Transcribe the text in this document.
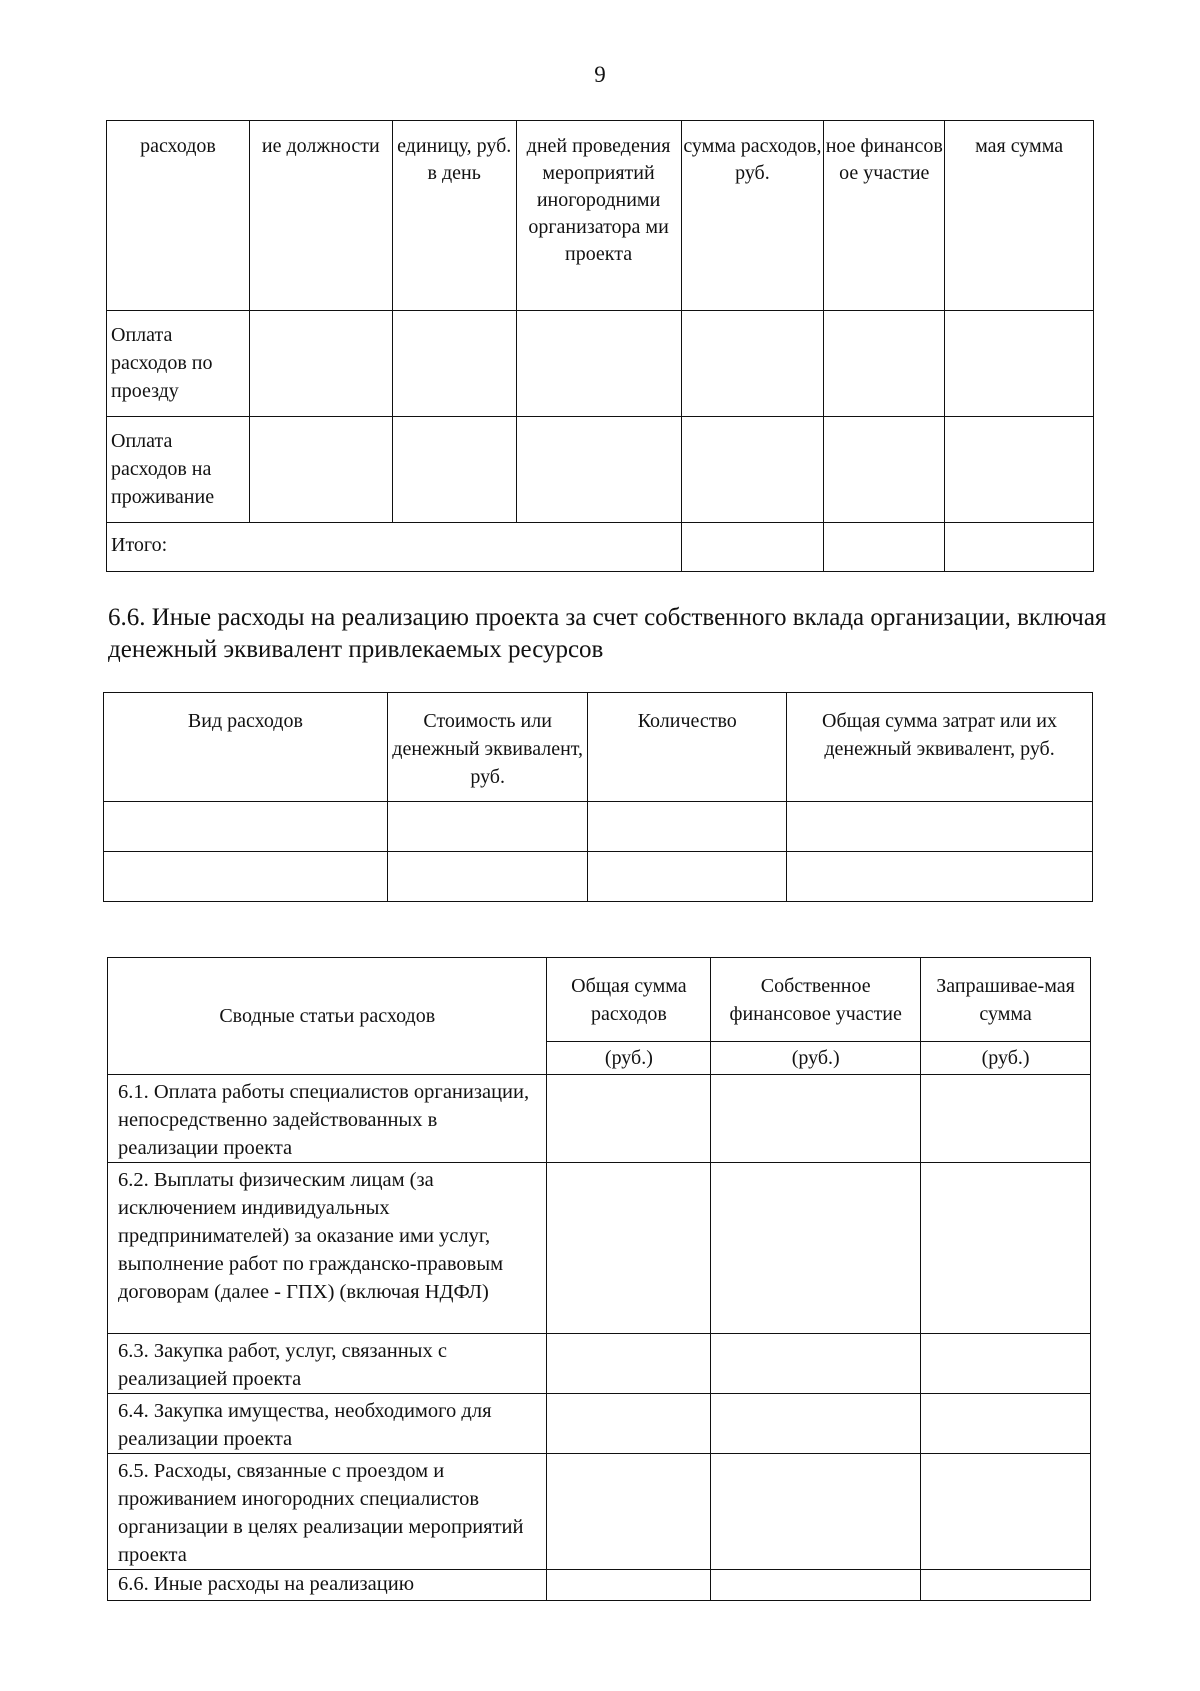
9
расходов	ие должности	единицу, руб. в день	дней проведения мероприятий иногородними организатора ми проекта	сумма расходов, руб.	ное финансов ое участие	мая сумма
Оплата расходов по проезду						
Оплата расходов на проживание						
Итого:						
6.6. Иные расходы на реализацию проекта за счет собственного вклада организации, включая денежный эквивалент привлекаемых ресурсов
Вид расходов	Стоимость или денежный эквивалент, руб.	Количество	Общая сумма затрат или их денежный эквивалент, руб.

Сводные статьи расходов	Общая сумма расходов	Собственное финансовое участие	Запрашивае-мая сумма
	(руб.)	(руб.)	(руб.)
6.1. Оплата работы специалистов организации, непосредственно задействованных в реализации проекта			
6.2. Выплаты физическим лицам (за исключением индивидуальных предпринимателей) за оказание ими услуг, выполнение работ по гражданско-правовым договорам (далее - ГПХ) (включая НДФЛ)			
6.3. Закупка работ, услуг, связанных с реализацией проекта			
6.4. Закупка имущества, необходимого для реализации проекта			
6.5. Расходы, связанные с проездом и проживанием иногородних специалистов организации в целях реализации мероприятий проекта			
6.6. Иные расходы на реализацию			
